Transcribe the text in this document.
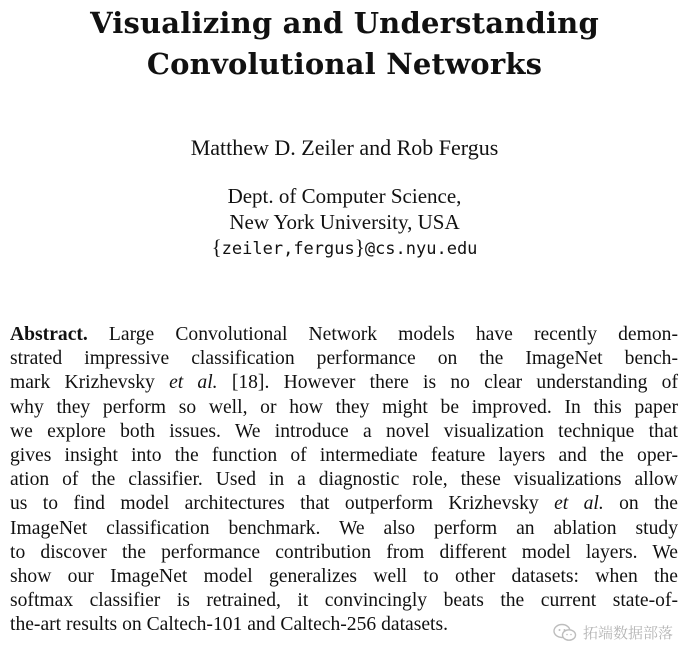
Visualizing and Understanding
Convolutional Networks
Matthew D. Zeiler and Rob Fergus
Dept. of Computer Science,
New York University, USA
{zeiler,fergus}@cs.nyu.edu
Abstract. Large Convolutional Network models have recently demon-
strated impressive classification performance on the ImageNet bench-
mark Krizhevsky et al. [18]. However there is no clear understanding of
why they perform so well, or how they might be improved. In this paper
we explore both issues. We introduce a novel visualization technique that
gives insight into the function of intermediate feature layers and the oper-
ation of the classifier. Used in a diagnostic role, these visualizations allow
us to find model architectures that outperform Krizhevsky et al. on the
ImageNet classification benchmark. We also perform an ablation study
to discover the performance contribution from different model layers. We
show our ImageNet model generalizes well to other datasets: when the
softmax classifier is retrained, it convincingly beats the current state-of-
the-art results on Caltech-101 and Caltech-256 datasets.	拓端数据部落
